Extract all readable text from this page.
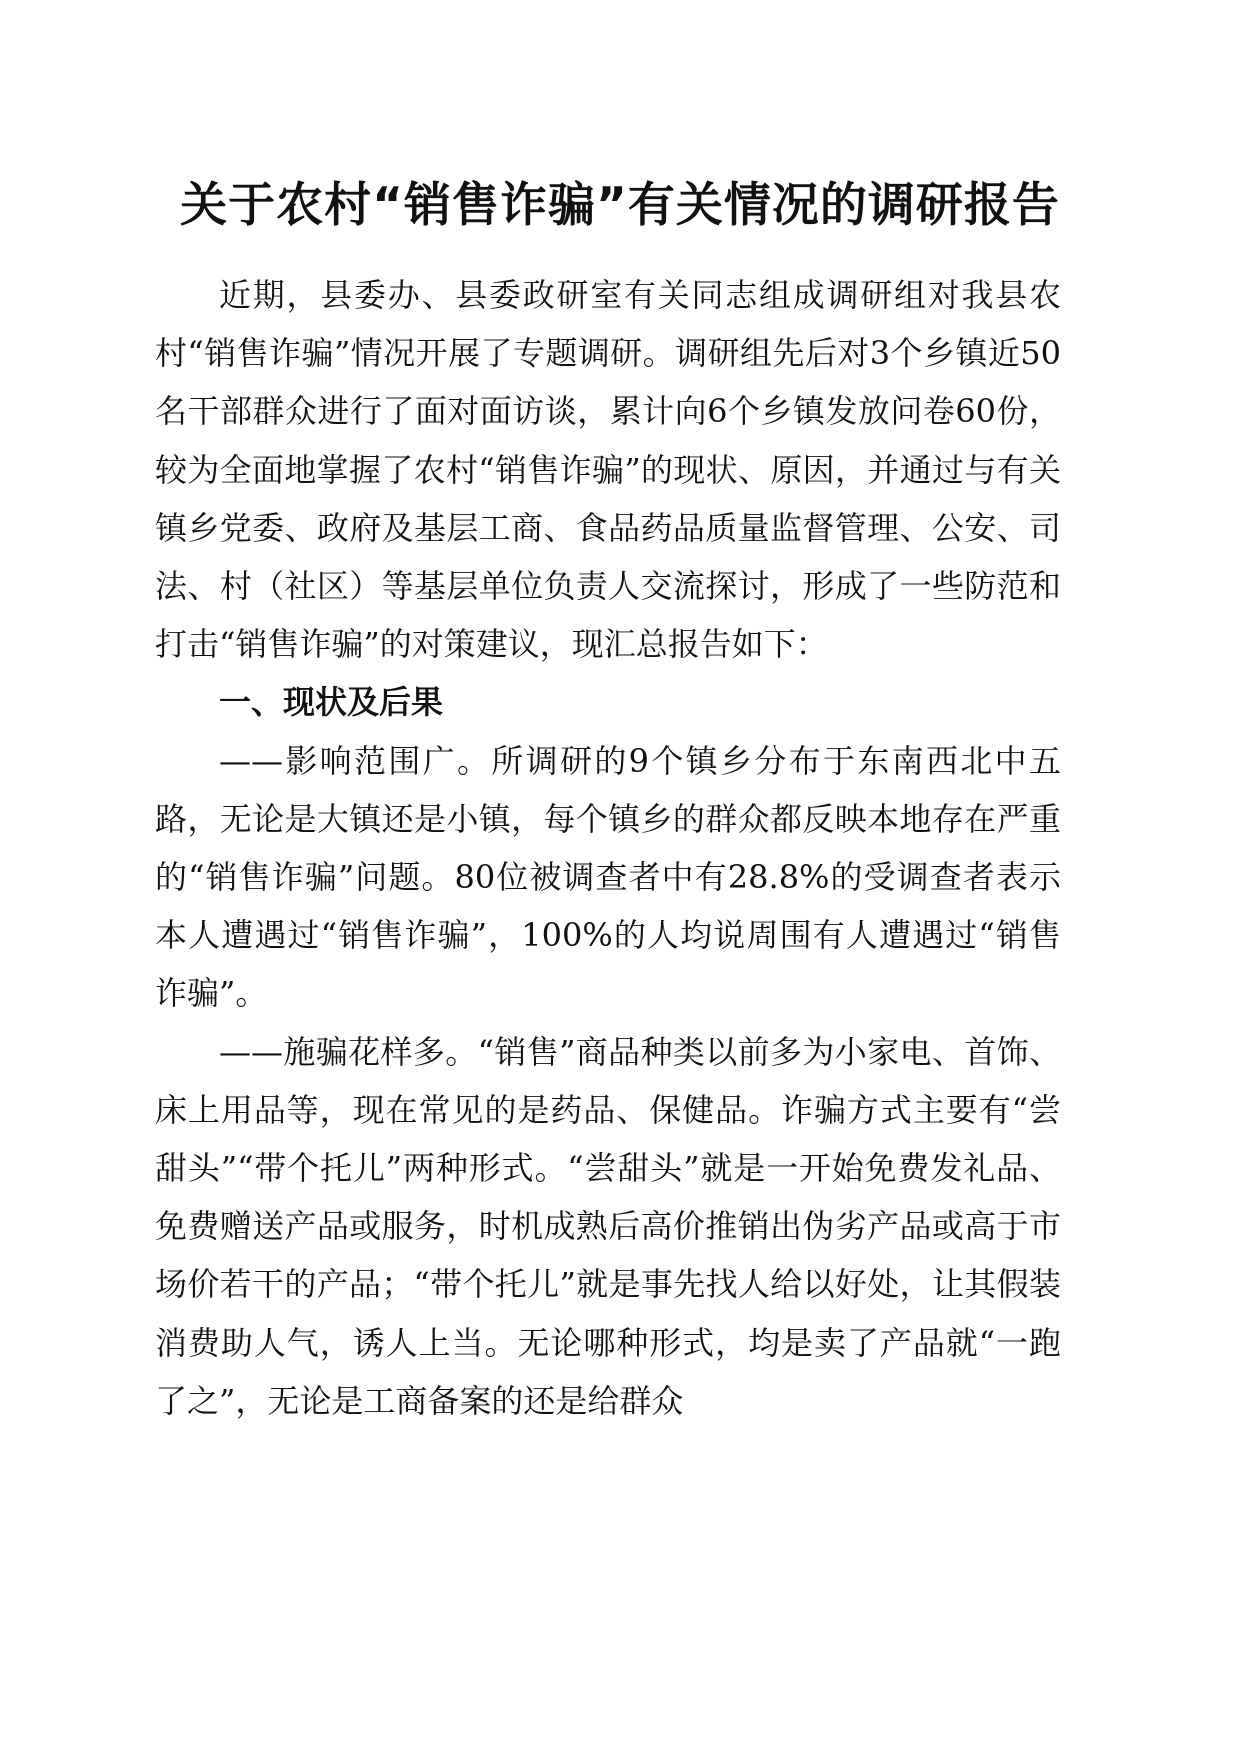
关于农村“销售诈骗”有关情况的调研报告

近期，县委办、县委政研室有关同志组成调研组对我县农村“销售诈骗”情况开展了专题调研。调研组先后对3个乡镇近50名干部群众进行了面对面访谈，累计向6个乡镇发放问卷60份，较为全面地掌握了农村“销售诈骗”的现状、原因，并通过与有关镇乡党委、政府及基层工商、食品药品质量监督管理、公安、司法、村（社区）等基层单位负责人交流探讨，形成了一些防范和打击“销售诈骗”的对策建议，现汇总报告如下：

一、现状及后果

——影响范围广。所调研的9个镇乡分布于东南西北中五路，无论是大镇还是小镇，每个镇乡的群众都反映本地存在严重的“销售诈骗”问题。80位被调查者中有28.8%的受调查者表示本人遭遇过“销售诈骗”，100%的人均说周围有人遭遇过“销售诈骗”。

——施骗花样多。“销售”商品种类以前多为小家电、首饰、床上用品等，现在常见的是药品、保健品。诈骗方式主要有“尝甜头”“带个托儿”两种形式。“尝甜头”就是一开始免费发礼品、免费赠送产品或服务，时机成熟后高价推销出伪劣产品或高于市场价若干的产品；“带个托儿”就是事先找人给以好处，让其假装消费助人气，诱人上当。无论哪种形式，均是卖了产品就“一跑了之”，无论是工商备案的还是给群众
